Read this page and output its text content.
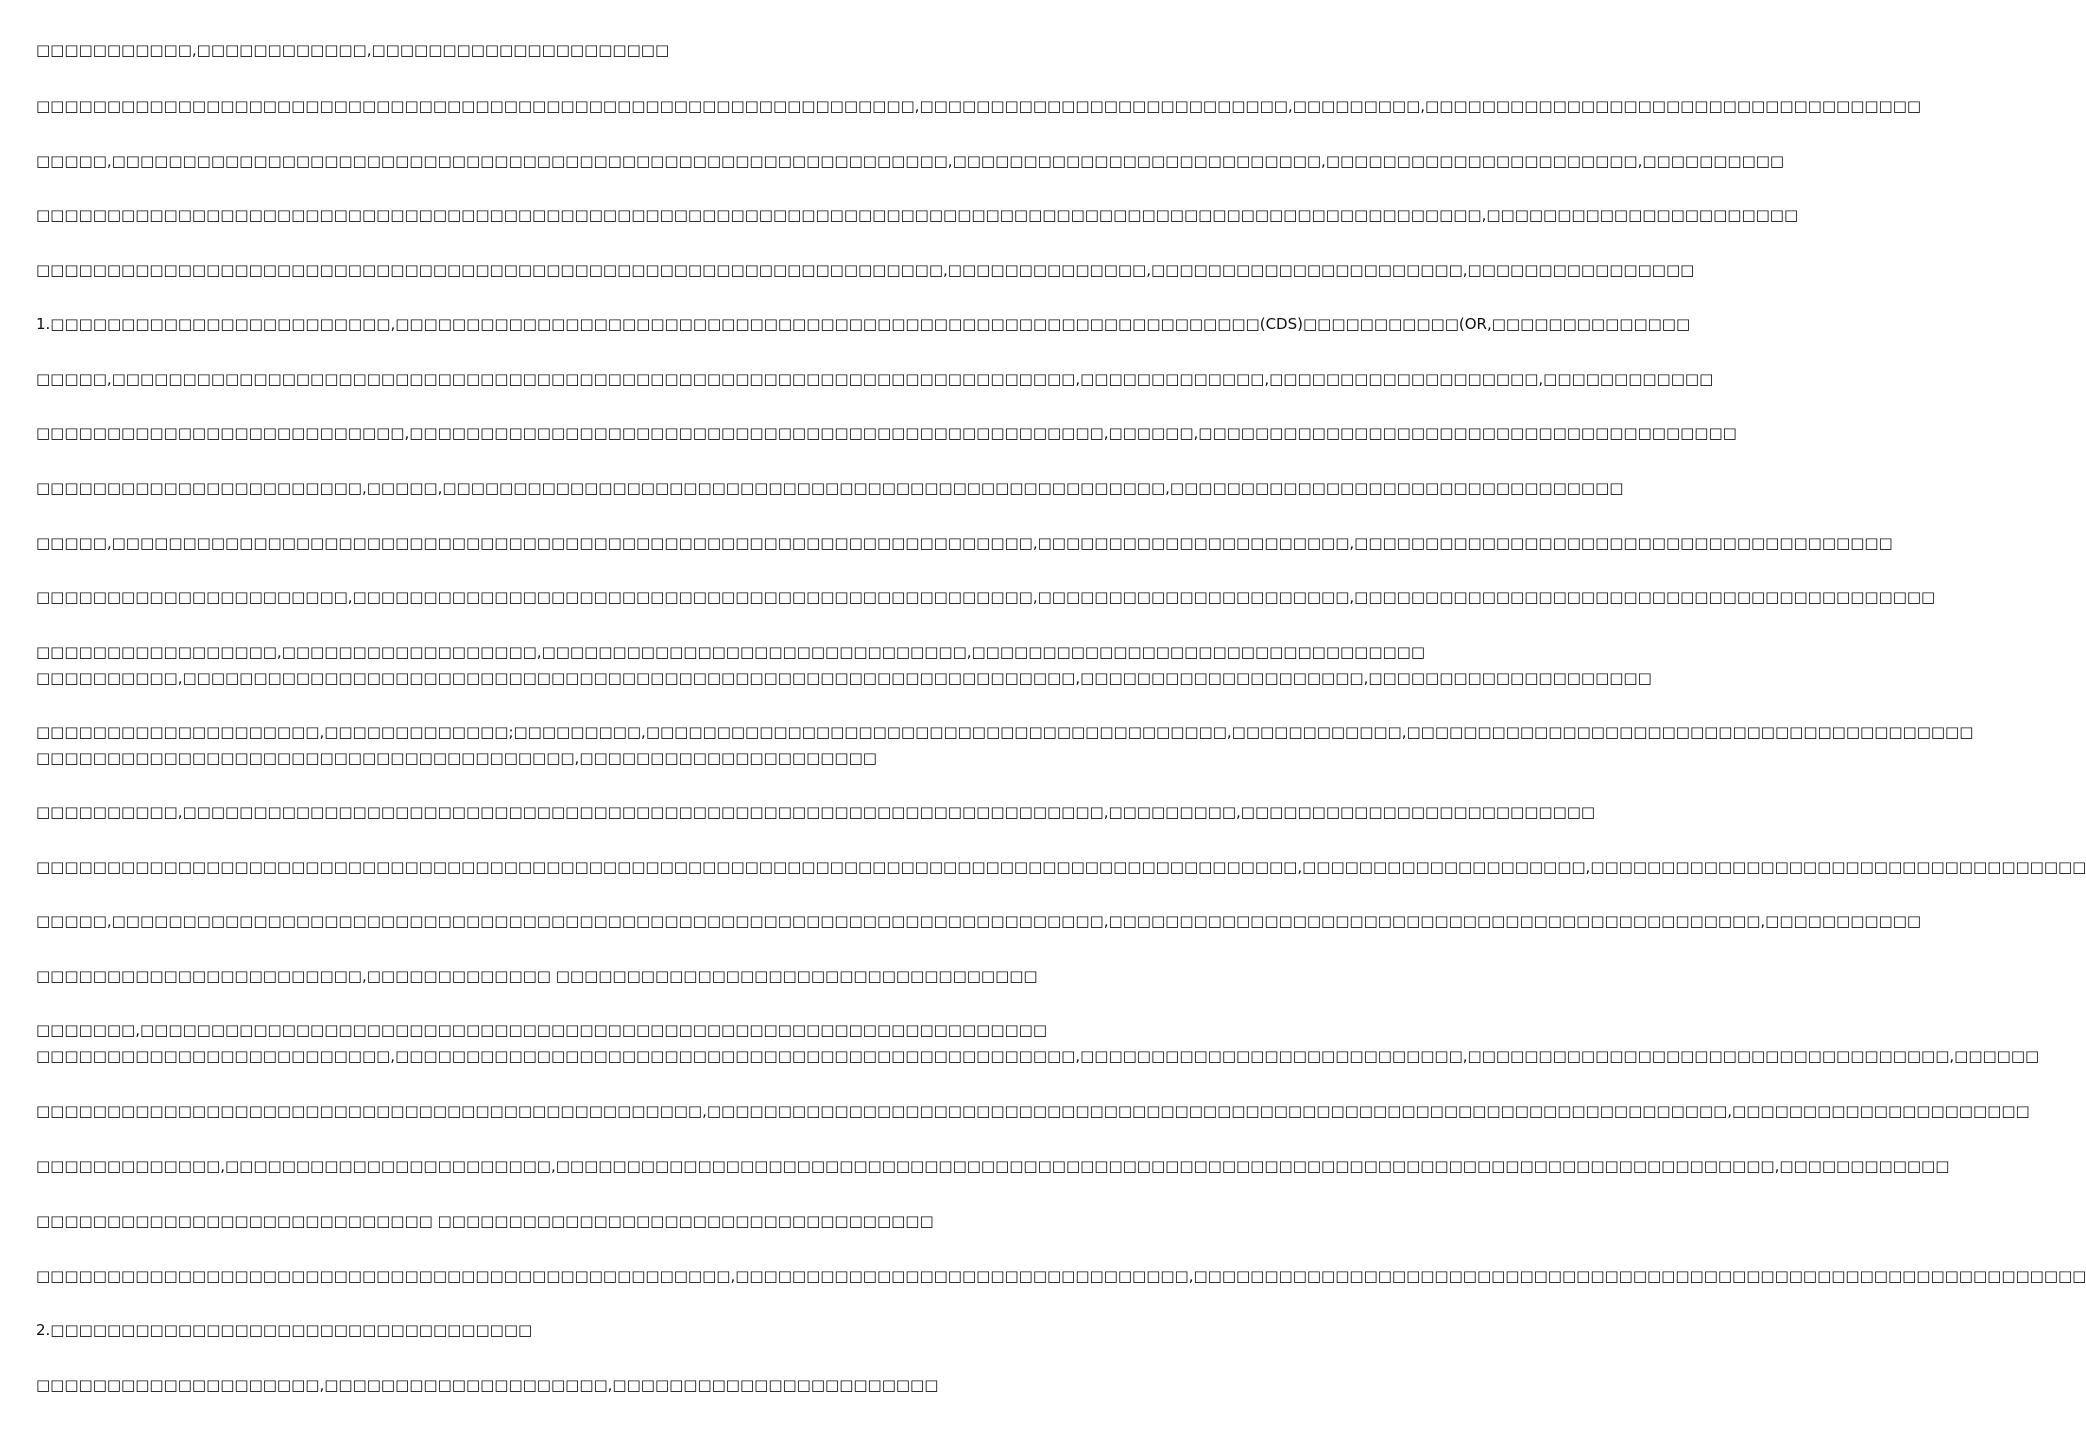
□□□□□□□□□□□,□□□□□□□□□□□□,□□□□□□□□□□□□□□□□□□□□□
□□□□□□□□□□□□□□□□□□□□□□□□□□□□□□□□□□□□□□□□□□□□□□□□□□□□□□□□□□□□□□,□□□□□□□□□□□□□□□□□□□□□□□□□□,□□□□□□□□□,□□□□□□□□□□□□□□□□□□□□□□□□□□□□□□□□□□□
□□□□□,□□□□□□□□□□□□□□□□□□□□□□□□□□□□□□□□□□□□□□□□□□□□□□□□□□□□□□□□□□□,□□□□□□□□□□□□□□□□□□□□□□□□□□,□□□□□□□□□□□□□□□□□□□□□□,□□□□□□□□□□
□□□□□□□□□□□□□□□□□□□□□□□□□□□□□□□□□□□□□□□□□□□□□□□□□□□□□□□□□□□□□□□□□□□□□□□□□□□□□□□□□□□□□□□□□□□□□□□□□□□□□□,□□□□□□□□□□□□□□□□□□□□□□
□□□□□□□□□□□□□□□□□□□□□□□□□□□□□□□□□□□□□□□□□□□□□□□□□□□□□□□□□□□□□□□□,□□□□□□□□□□□□□□,□□□□□□□□□□□□□□□□□□□□□□,□□□□□□□□□□□□□□□□
1.□□□□□□□□□□□□□□□□□□□□□□□□,□□□□□□□□□□□□□□□□□□□□□□□□□□□□□□□□□□□□□□□□□□□□□□□□□□□□□□□□□□□□□(CDS)□□□□□□□□□□□(OR,□□□□□□□□□□□□□□
□□□□□,□□□□□□□□□□□□□□□□□□□□□□□□□□□□□□□□□□□□□□□□□□□□□□□□□□□□□□□□□□□□□□□□□□□□,□□□□□□□□□□□□□,□□□□□□□□□□□□□□□□□□□,□□□□□□□□□□□□
□□□□□□□□□□□□□□□□□□□□□□□□□□,□□□□□□□□□□□□□□□□□□□□□□□□□□□□□□□□□□□□□□□□□□□□□□□□□,□□□□□□,□□□□□□□□□□□□□□□□□□□□□□□□□□□□□□□□□□□□□□
□□□□□□□□□□□□□□□□□□□□□□□,□□□□□,□□□□□□□□□□□□□□□□□□□□□□□□□□□□□□□□□□□□□□□□□□□□□□□□□□□,□□□□□□□□□□□□□□□□□□□□□□□□□□□□□□□□
□□□□□,□□□□□□□□□□□□□□□□□□□□□□□□□□□□□□□□□□□□□□□□□□□□□□□□□□□□□□□□□□□□□□□□□,□□□□□□□□□□□□□□□□□□□□□□,□□□□□□□□□□□□□□□□□□□□□□□□□□□□□□□□□□□□□□
□□□□□□□□□□□□□□□□□□□□□□,□□□□□□□□□□□□□□□□□□□□□□□□□□□□□□□□□□□□□□□□□□□□□□□□,□□□□□□□□□□□□□□□□□□□□□□,□□□□□□□□□□□□□□□□□□□□□□□□□□□□□□□□□□□□□□□□□
□□□□□□□□□□□□□□□□□,□□□□□□□□□□□□□□□□□□,□□□□□□□□□□□□□□□□□□□□□□□□□□□□□□,□□□□□□□□□□□□□□□□□□□□□□□□□□□□□□□□
□□□□□□□□□□,□□□□□□□□□□□□□□□□□□□□□□□□□□□□□□□□□□□□□□□□□□□□□□□□□□□□□□□□□□□□□□□,□□□□□□□□□□□□□□□□□□□□,□□□□□□□□□□□□□□□□□□□□
□□□□□□□□□□□□□□□□□□□□,□□□□□□□□□□□□□;□□□□□□□□□,□□□□□□□□□□□□□□□□□□□□□□□□□□□□□□□□□□□□□□□□□,□□□□□□□□□□□□,□□□□□□□□□□□□□□□□□□□□□□□□□□□□□□□□□□□□□□□□
□□□□□□□□□□□□□□□□□□□□□□□□□□□□□□□□□□□□□□,□□□□□□□□□□□□□□□□□□□□□
□□□□□□□□□□,□□□□□□□□□□□□□□□□□□□□□□□□□□□□□□□□□□□□□□□□□□□□□□□□□□□□□□□□□□□□□□□□□,□□□□□□□□□,□□□□□□□□□□□□□□□□□□□□□□□□□
□□□□□□□□□□□□□□□□□□□□□□□□□□□□□□□□□□□□□□□□□□□□□□□□□□□□□□□□□□□□□□□□□□□□□□□□□□□□□□□□□□□□□□□□□,□□□□□□□□□□□□□□□□□□□□,□□□□□□□□□□□□□□□□□□□□□□□□□□□□□□□□□□□
□□□□□,□□□□□□□□□□□□□□□□□□□□□□□□□□□□□□□□□□□□□□□□□□□□□□□□□□□□□□□□□□□□□□□□□□□□□□,□□□□□□□□□□□□□□□□□□□□□□□□□□□□□□□□□□□□□□□□□□□□□□,□□□□□□□□□□□
□□□□□□□□□□□□□□□□□□□□□□□,□□□□□□□□□□□□□ □□□□□□□□□□□□□□□□□□□□□□□□□□□□□□□□□□
□□□□□□□,□□□□□□□□□□□□□□□□□□□□□□□□□□□□□□□□□□□□□□□□□□□□□□□□□□□□□□□□□□□□□□□□
□□□□□□□□□□□□□□□□□□□□□□□□□,□□□□□□□□□□□□□□□□□□□□□□□□□□□□□□□□□□□□□□□□□□□□□□□□,□□□□□□□□□□□□□□□□□□□□□□□□□□□,□□□□□□□□□□□□□□□□□□□□□□□□□□□□□□□□□□,□□□□□□
□□□□□□□□□□□□□□□□□□□□□□□□□□□□□□□□□□□□□□□□□□□□□□□,□□□□□□□□□□□□□□□□□□□□□□□□□□□□□□□□□□□□□□□□□□□□□□□□□□□□□□□□□□□□□□□□□□□□□□□□,□□□□□□□□□□□□□□□□□□□□□
□□□□□□□□□□□□□,□□□□□□□□□□□□□□□□□□□□□□□,□□□□□□□□□□□□□□□□□□□□□□□□□□□□□□□□□□□□□□□□□□□□□□□□□□□□□□□□□□□□□□□□□□□□□□□□□□□□□□□□□□□□□□,□□□□□□□□□□□□
□□□□□□□□□□□□□□□□□□□□□□□□□□□□ □□□□□□□□□□□□□□□□□□□□□□□□□□□□□□□□□□□
□□□□□□□□□□□□□□□□□□□□□□□□□□□□□□□□□□□□□□□□□□□□□□□□□,□□□□□□□□□□□□□□□□□□□□□□□□□□□□□□□□,□□□□□□□□□□□□□□□□□□□□□□□□□□□□□□□□□□□□□□□□□□□□□□□□□□□□□□□□□□□□□□□
2.□□□□□□□□□□□□□□□□□□□□□□□□□□□□□□□□□□
□□□□□□□□□□□□□□□□□□□□,□□□□□□□□□□□□□□□□□□□□,□□□□□□□□□□□□□□□□□□□□□□□
